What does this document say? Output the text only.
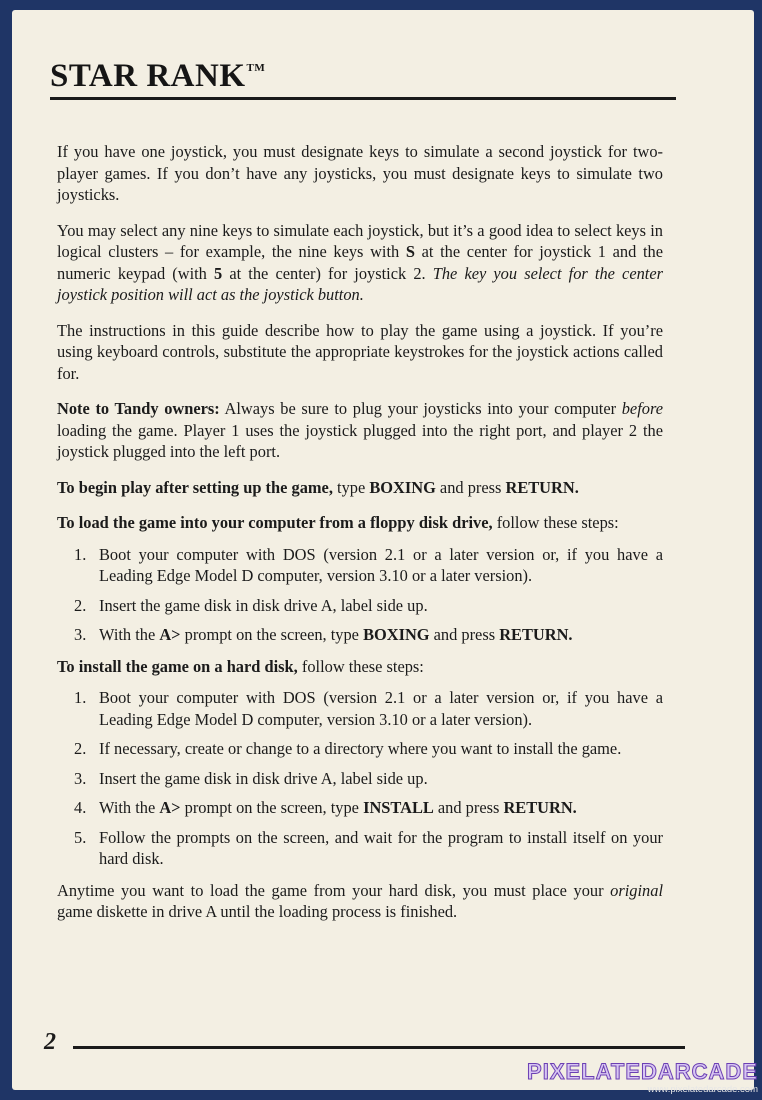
STAR RANK™

If you have one joystick, you must designate keys to simulate a second joystick for two-player games. If you don’t have any joysticks, you must designate keys to simulate two joysticks.

You may select any nine keys to simulate each joystick, but it’s a good idea to select keys in logical clusters – for example, the nine keys with S at the center for joystick 1 and the numeric keypad (with 5 at the center) for joystick 2. The key you select for the center joystick position will act as the joystick button.

The instructions in this guide describe how to play the game using a joystick. If you’re using keyboard controls, substitute the appropriate keystrokes for the joystick actions called for.

Note to Tandy owners: Always be sure to plug your joysticks into your computer before loading the game. Player 1 uses the joystick plugged into the right port, and player 2 the joystick plugged into the left port.

To begin play after setting up the game, type BOXING and press RETURN.

To load the game into your computer from a floppy disk drive, follow these steps:

1. Boot your computer with DOS (version 2.1 or a later version or, if you have a Leading Edge Model D computer, version 3.10 or a later version).
2. Insert the game disk in disk drive A, label side up.
3. With the A> prompt on the screen, type BOXING and press RETURN.

To install the game on a hard disk, follow these steps:

1. Boot your computer with DOS (version 2.1 or a later version or, if you have a Leading Edge Model D computer, version 3.10 or a later version).
2. If necessary, create or change to a directory where you want to install the game.
3. Insert the game disk in disk drive A, label side up.
4. With the A> prompt on the screen, type INSTALL and press RETURN.
5. Follow the prompts on the screen, and wait for the program to install itself on your hard disk.

Anytime you want to load the game from your hard disk, you must place your original game diskette in drive A until the loading process is finished.

2
PIXELATEDARCADE
www.pixelatedarcade.com
